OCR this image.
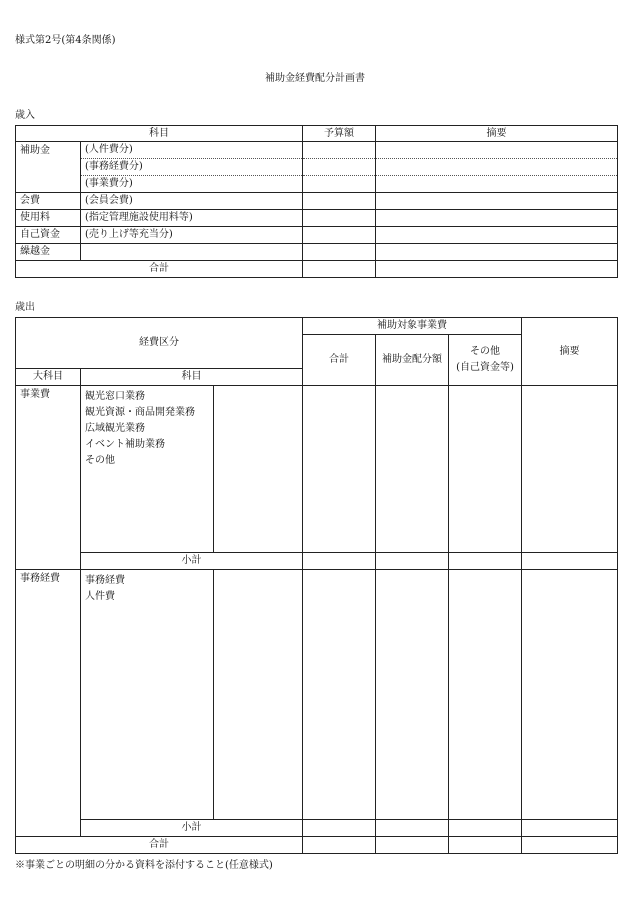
様式第2号(第4条関係)
補助金経費配分計画書
歳入
科目		予算額	摘要
補助金	(人件費分)		
	(事務経費分)		
	(事業費分)		
会費	(会員会費)		
使用料	(指定管理施設使用料等)		
自己資金	(売り上げ等充当分)		
繰越金			
合計			
歳出
経費区分			補助対象事業費			摘要
			合計	補助金配分額	その他
(自己資金等)	

大科目	科目					
事業費	観光窓口業務
観光資源・商品開発業務
広域観光業務
イベント補助業務
その他					

	小計					
事務経費	事務経費
人件費					

	小計					
合計						
※事業ごとの明細の分かる資料を添付すること(任意様式)
